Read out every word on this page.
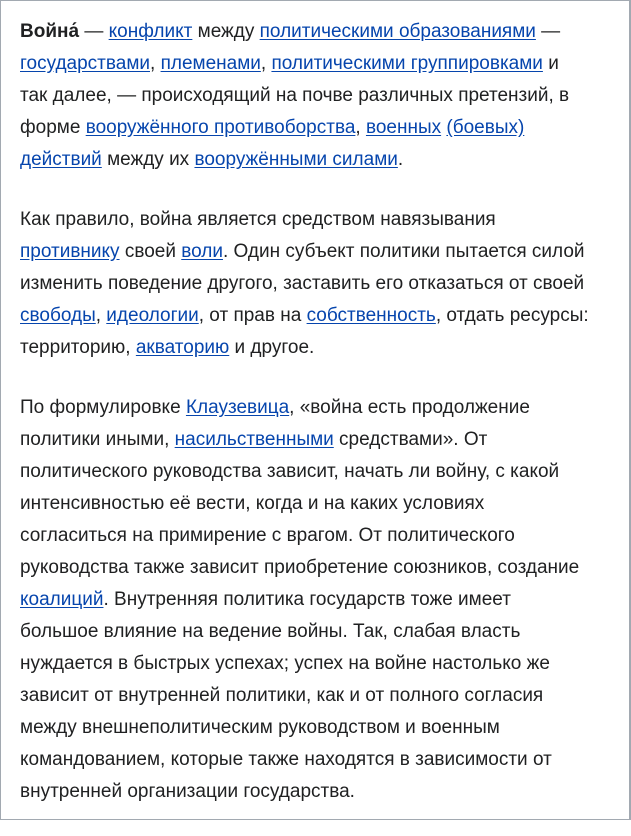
Война́ — конфликт между политическими образованиями —
государствами, племенами, политическими группировками и
так далее, — происходящий на почве различных претензий, в
форме вооружённого противоборства, военных (боевых)
действий между их вооружёнными силами.

Как правило, война является средством навязывания
противнику своей воли. Один субъект политики пытается силой
изменить поведение другого, заставить его отказаться от своей
свободы, идеологии, от прав на собственность, отдать ресурсы:
территорию, акваторию и другое.

По формулировке Клаузевица, «война есть продолжение
политики иными, насильственными средствами». От
политического руководства зависит, начать ли войну, с какой
интенсивностью её вести, когда и на каких условиях
согласиться на примирение с врагом. От политического
руководства также зависит приобретение союзников, создание
коалиций. Внутренняя политика государств тоже имеет
большое влияние на ведение войны. Так, слабая власть
нуждается в быстрых успехах; успех на войне настолько же
зависит от внутренней политики, как и от полного согласия
между внешнеполитическим руководством и военным
командованием, которые также находятся в зависимости от
внутренней организации государства.
